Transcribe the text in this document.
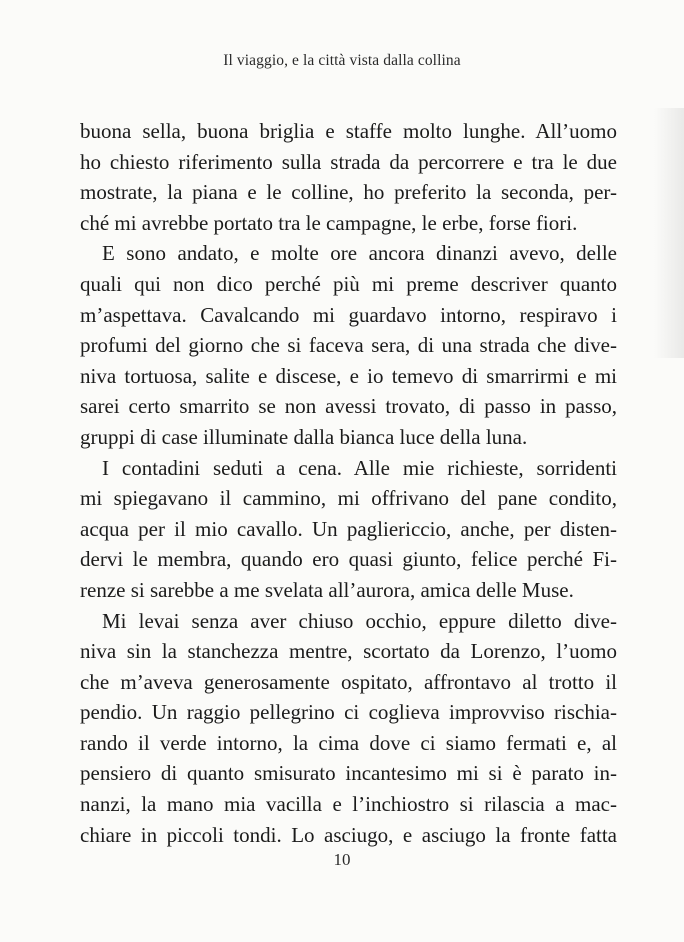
Il viaggio, e la città vista dalla collina
buona sella, buona briglia e staffe molto lunghe. All’uomo
ho chiesto riferimento sulla strada da percorrere e tra le due
mostrate, la piana e le colline, ho preferito la seconda, per-
ché mi avrebbe portato tra le campagne, le erbe, forse fiori.
E sono andato, e molte ore ancora dinanzi avevo, delle
quali qui non dico perché più mi preme descriver quanto
m’aspettava. Cavalcando mi guardavo intorno, respiravo i
profumi del giorno che si faceva sera, di una strada che dive-
niva tortuosa, salite e discese, e io temevo di smarrirmi e mi
sarei certo smarrito se non avessi trovato, di passo in passo,
gruppi di case illuminate dalla bianca luce della luna.
I contadini seduti a cena. Alle mie richieste, sorridenti
mi spiegavano il cammino, mi offrivano del pane condito,
acqua per il mio cavallo. Un pagliericcio, anche, per disten-
dervi le membra, quando ero quasi giunto, felice perché Fi-
renze si sarebbe a me svelata all’aurora, amica delle Muse.
Mi levai senza aver chiuso occhio, eppure diletto dive-
niva sin la stanchezza mentre, scortato da Lorenzo, l’uomo
che m’aveva generosamente ospitato, affrontavo al trotto il
pendio. Un raggio pellegrino ci coglieva improvviso rischia-
rando il verde intorno, la cima dove ci siamo fermati e, al
pensiero di quanto smisurato incantesimo mi si è parato in-
nanzi, la mano mia vacilla e l’inchiostro si rilascia a mac-
chiare in piccoli tondi. Lo asciugo, e asciugo la fronte fatta
10
